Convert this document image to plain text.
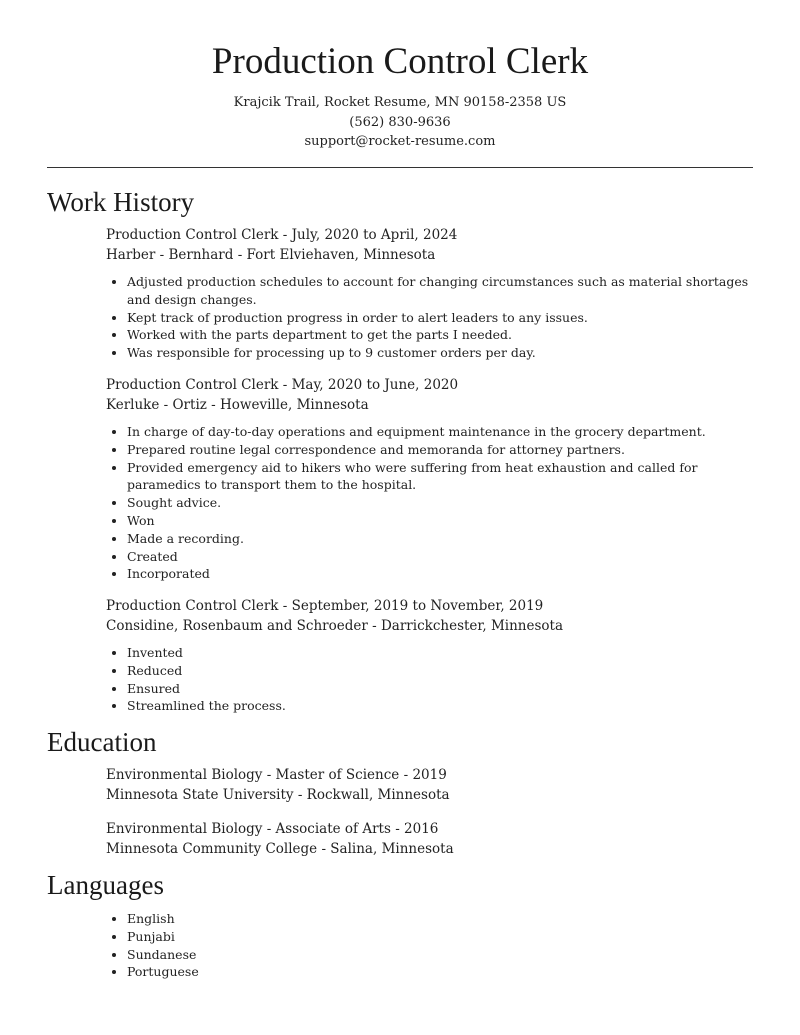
Production Control Clerk
Krajcik Trail, Rocket Resume, MN 90158-2358 US
(562) 830-9636
support@rocket-resume.com
Work History
Production Control Clerk - July, 2020 to April, 2024
Harber - Bernhard - Fort Elviehaven, Minnesota
• Adjusted production schedules to account for changing circumstances such as material shortages and design changes.
• Kept track of production progress in order to alert leaders to any issues.
• Worked with the parts department to get the parts I needed.
• Was responsible for processing up to 9 customer orders per day.
Production Control Clerk - May, 2020 to June, 2020
Kerluke - Ortiz - Howeville, Minnesota
• In charge of day-to-day operations and equipment maintenance in the grocery department.
• Prepared routine legal correspondence and memoranda for attorney partners.
• Provided emergency aid to hikers who were suffering from heat exhaustion and called for paramedics to transport them to the hospital.
• Sought advice.
• Won
• Made a recording.
• Created
• Incorporated
Production Control Clerk - September, 2019 to November, 2019
Considine, Rosenbaum and Schroeder - Darrickchester, Minnesota
• Invented
• Reduced
• Ensured
• Streamlined the process.
Education
Environmental Biology - Master of Science - 2019
Minnesota State University - Rockwall, Minnesota
Environmental Biology - Associate of Arts - 2016
Minnesota Community College - Salina, Minnesota
Languages
• English
• Punjabi
• Sundanese
• Portuguese
